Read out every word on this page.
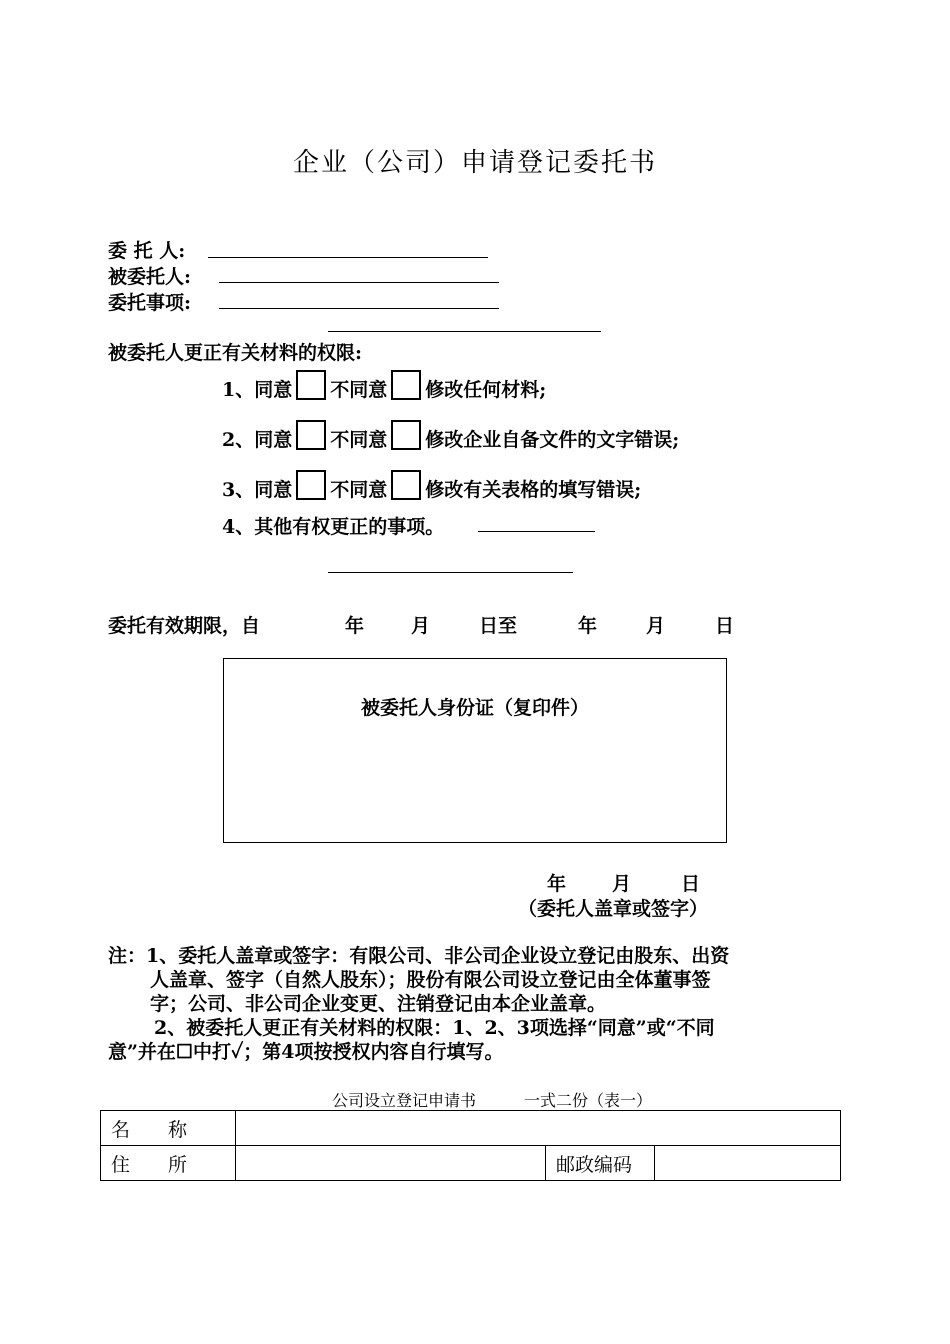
企业（公司）申请登记委托书
委 托 人:
被委托人:
委托事项:
被委托人更正有关材料的权限:
1、 同意 不同意 修改任何材料;
2、 同意 不同意 修改企业自备文件的文字错误;
3、 同意 不同意 修改有关表格的填写错误;
4、其他有权更正的事项。
委托有效期限，自	年 月	日至	年	月	日
被委托人身份证（复印件）
年 月	日
（委托人盖章或签字）
注：1、委托人盖章或签字：有限公司、非公司企业设立登记由股东、出资
人盖章、签字（自然人股东）；股份有限公司设立登记由全体董事签
字；公司、非公司企业变更、注销登记由本企业盖章。
2、被委托人更正有关材料的权限：1、2、3项选择“同意”或“不同
意”并在☐中打✓；第4项按授权内容自行填写。
公司设立登记申请书　　　一式二份（表一）
名　　称			
住　　所		邮政编码	
